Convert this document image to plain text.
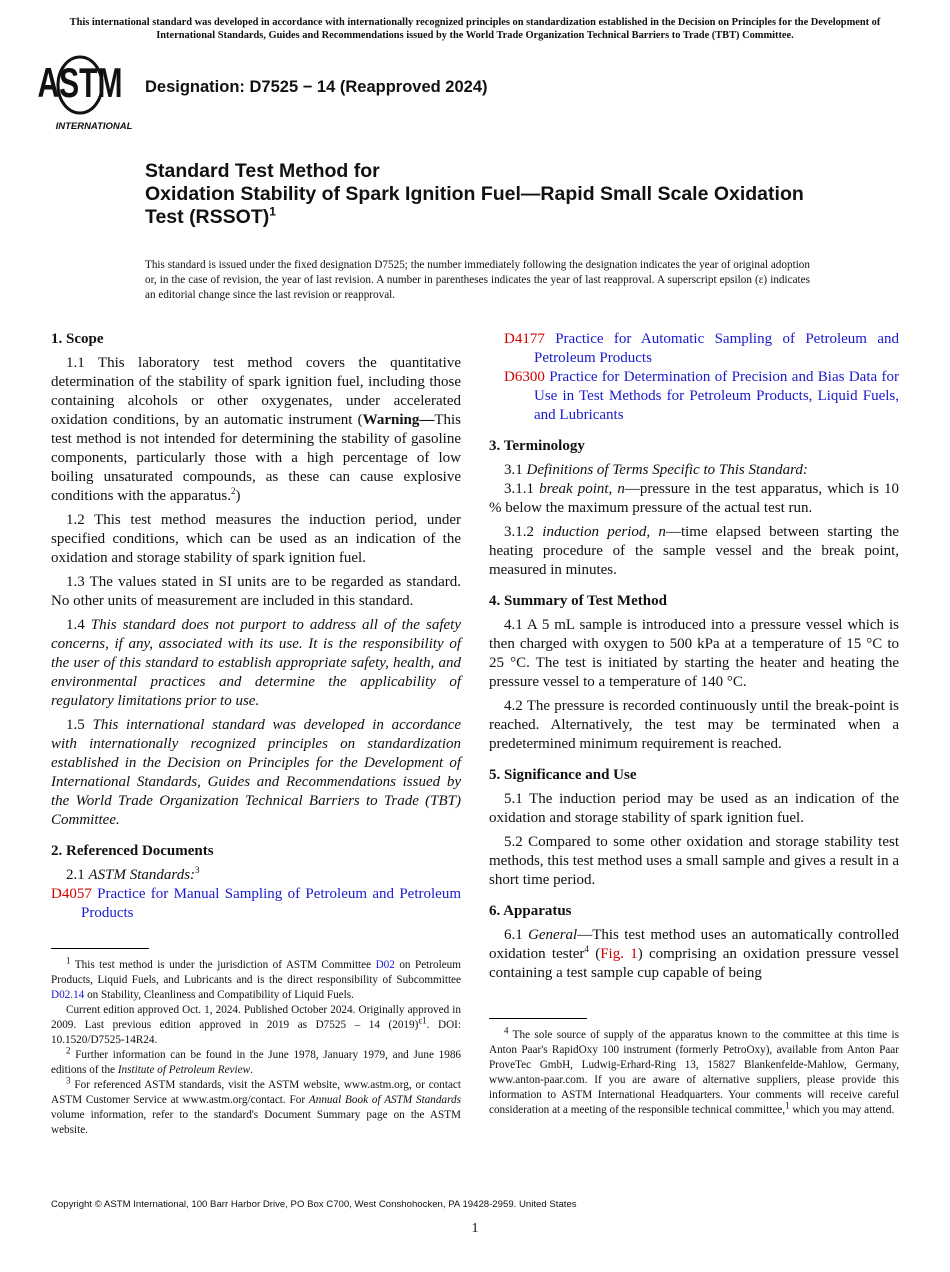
This international standard was developed in accordance with internationally recognized principles on standardization established in the Decision on Principles for the Development of International Standards, Guides and Recommendations issued by the World Trade Organization Technical Barriers to Trade (TBT) Committee.
ASTM
INTERNATIONAL
Designation: D7525 − 14 (Reapproved 2024)
Standard Test Method for
Oxidation Stability of Spark Ignition Fuel—Rapid Small Scale Oxidation Test (RSSOT)$^1$
This standard is issued under the fixed designation D7525; the number immediately following the designation indicates the year of original adoption or, in the case of revision, the year of last revision. A number in parentheses indicates the year of last reapproval. A superscript epsilon (ε) indicates an editorial change since the last revision or reapproval.
1. Scope

1.1 This laboratory test method covers the quantitative determination of the stability of spark ignition fuel, including those containing alcohols or other oxygenates, under accelerated oxidation conditions, by an automatic instrument (Warning—This test method is not intended for determining the stability of gasoline components, particularly those with a high percentage of low boiling unsaturated compounds, as these can cause explosive conditions with the apparatus.$^2$)

1.2 This test method measures the induction period, under specified conditions, which can be used as an indication of the oxidation and storage stability of spark ignition fuel.

1.3 The values stated in SI units are to be regarded as standard. No other units of measurement are included in this standard.

1.4 This standard does not purport to address all of the safety concerns, if any, associated with its use. It is the responsibility of the user of this standard to establish appropriate safety, health, and environmental practices and determine the applicability of regulatory limitations prior to use.

1.5 This international standard was developed in accordance with internationally recognized principles on standardization established in the Decision on Principles for the Development of International Standards, Guides and Recommendations issued by the World Trade Organization Technical Barriers to Trade (TBT) Committee.

2. Referenced Documents

2.1 ASTM Standards:$^3$

D4057 Practice for Manual Sampling of Petroleum and Petroleum Products
D4177 Practice for Automatic Sampling of Petroleum and Petroleum Products
D6300 Practice for Determination of Precision and Bias Data for Use in Test Methods for Petroleum Products, Liquid Fuels, and Lubricants
3. Terminology

3.1 Definitions of Terms Specific to This Standard:

3.1.1 break point, n—pressure in the test apparatus, which is 10 % below the maximum pressure of the actual test run.

3.1.2 induction period, n—time elapsed between starting the heating procedure of the sample vessel and the break point, measured in minutes.

4. Summary of Test Method

4.1 A 5 mL sample is introduced into a pressure vessel which is then charged with oxygen to 500 kPa at a temperature of 15 °C to 25 °C. The test is initiated by starting the heater and heating the pressure vessel to a temperature of 140 °C.

4.2 The pressure is recorded continuously until the break-point is reached. Alternatively, the test may be terminated when a predetermined minimum requirement is reached.

5. Significance and Use

5.1 The induction period may be used as an indication of the oxidation and storage stability of spark ignition fuel.

5.2 Compared to some other oxidation and storage stability test methods, this test method uses a small sample and gives a result in a short time period.

6. Apparatus

6.1 General—This test method uses an automatically controlled oxidation tester$^4$ (Fig. 1) comprising an oxidation pressure vessel containing a test sample cup capable of being

$^1$ This test method is under the jurisdiction of ASTM Committee D02 on Petroleum Products, Liquid Fuels, and Lubricants and is the direct responsibility of Subcommittee D02.14 on Stability, Cleanliness and Compatibility of Liquid Fuels.

Current edition approved Oct. 1, 2024. Published October 2024. Originally approved in 2009. Last previous edition approved in 2019 as D7525 – 14 $(2019)^{\varepsilon 1}$. DOI: 10.1520/D7525-14R24.

$^2$ Further information can be found in the June 1978, January 1979, and June 1986 editions of the Institute of Petroleum Review.

$^3$ For referenced ASTM standards, visit the ASTM website, www.astm.org, or contact ASTM Customer Service at www.astm.org/contact. For Annual Book of ASTM Standards volume information, refer to the standard's Document Summary page on the ASTM website.

$^4$ The sole source of supply of the apparatus known to the committee at this time is Anton Paar's RapidOxy 100 instrument (formerly PetroOxy), available from Anton Paar ProveTec GmbH, Ludwig-Erhard-Ring 13, 15827 Blankenfelde-Mahlow, Germany, www.anton-paar.com. If you are aware of alternative suppliers, please provide this information to ASTM International Headquarters. Your comments will receive careful consideration at a meeting of the responsible technical committee,$^1$ which you may attend.

Copyright © ASTM International, 100 Barr Harbor Drive, PO Box C700, West Conshohocken, PA 19428-2959. United States
1
